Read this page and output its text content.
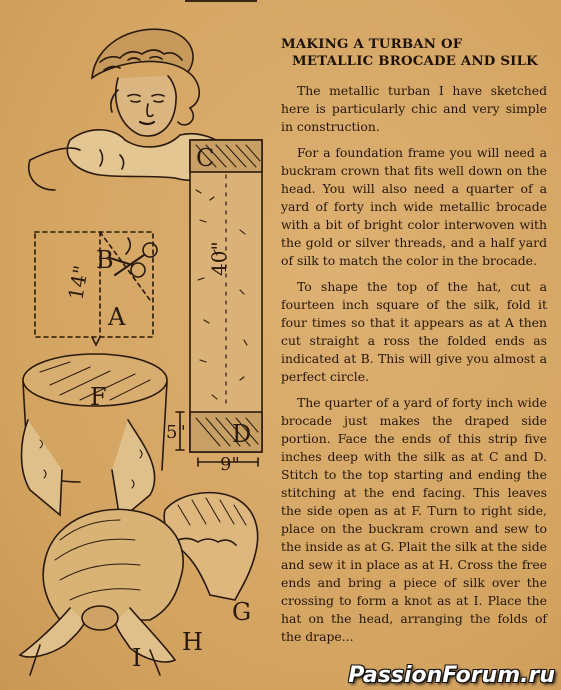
B
A
14"
C
40"
D
5"
9"
F
G
H
I
MAKING A TURBAN OF
METALLIC BROCADE AND SILK

The metallic turban I have sketched here is particularly chic and very simple in construction.

For a foundation frame you will need a buckram crown that fits well down on the head. You will also need a quarter of a yard of forty inch wide metallic brocade with a bit of bright color interwoven with the gold or silver threads, and a half yard of silk to match the color in the brocade.

To shape the top of the hat, cut a fourteen inch square of the silk, fold it four times so that it appears as at A then cut straight a ross the folded ends as indicated at B. This will give you almost a perfect circle.

The quarter of a yard of forty inch wide brocade just makes the draped side portion. Face the ends of this strip five inches deep with the silk as at C and D. Stitch to the top starting and ending the stitching at the end facing. This leaves the side open as at F. Turn to right side, place on the buckram crown and sew to the inside as at G. Plait the silk at the side and sew it in place as at H. Cross the free ends and bring a piece of silk over the crossing to form a knot as at I. Place the hat on the head, arranging the folds of the drape...

PassionForum.ru
